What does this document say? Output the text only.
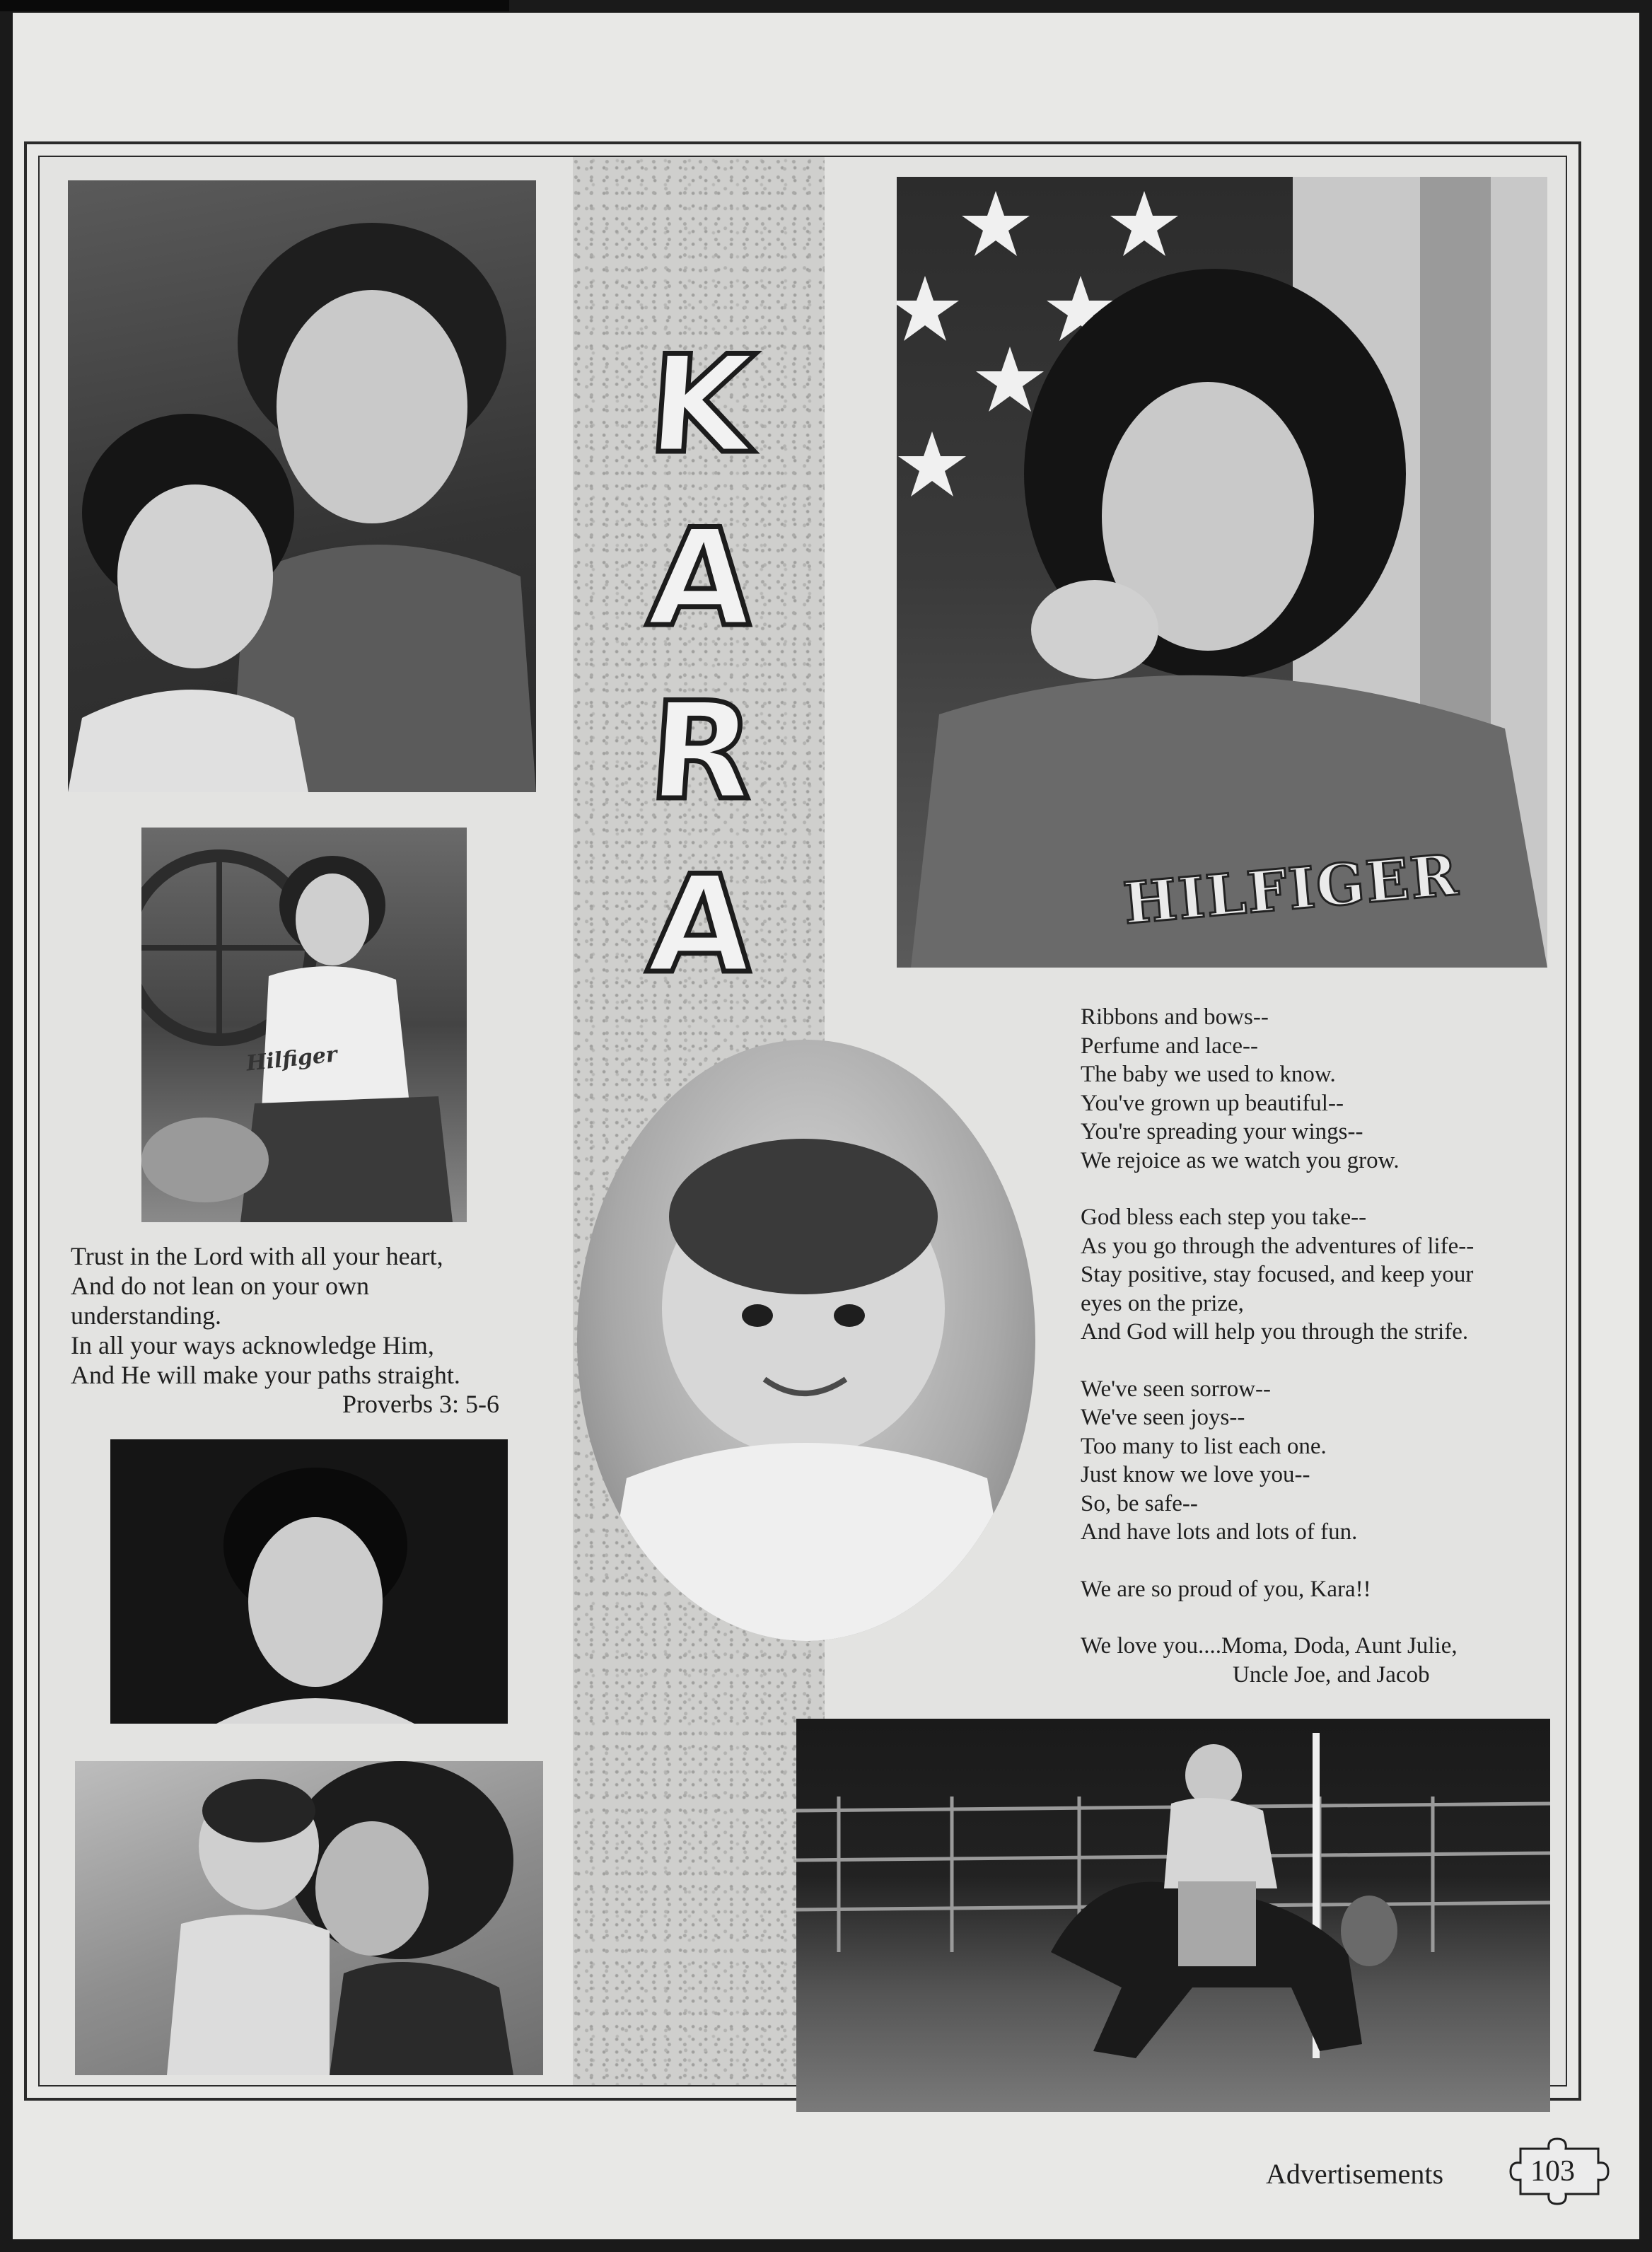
Hilfiger
HILFIGER
K
A
R
A

Trust in the Lord with all your heart,

And do not lean on your own

understanding.

In all your ways acknowledge Him,

And He will make your paths straight.

Proverbs 3: 5-6

Ribbons and bows--

Perfume and lace--

The baby we used to know.

You've grown up beautiful--

You're spreading your wings--

We rejoice as we watch you grow.

God bless each step you take--

As you go through the adventures of life--

Stay positive, stay focused, and keep your

eyes on the prize,

And God will help you through the strife.

We've seen sorrow--

We've seen joys--

Too many to list each one.

Just know we love you--

So, be safe--

And have lots and lots of fun.

We are so proud of you, Kara!!

We love you....Moma, Doda, Aunt Julie,

Uncle Joe, and Jacob

Advertisements	103
